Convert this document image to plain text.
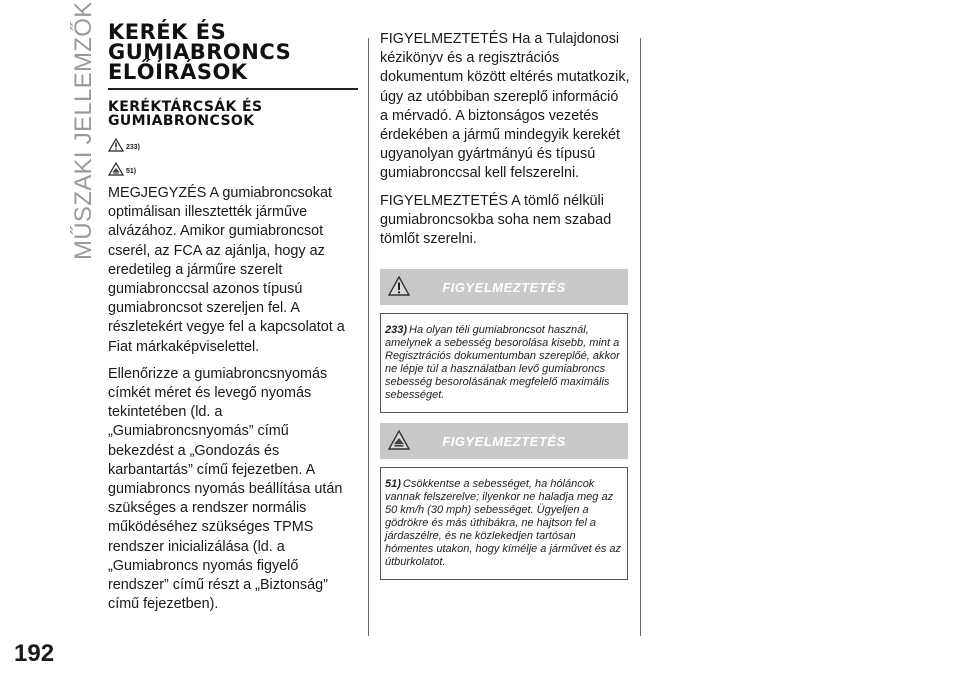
MŰSZAKI JELLEMZŐK KERÉK ÉS GUMIABRONCS ELŐÍRÁSOK
KERÉKTÁRCSÁK ÉS GUMIABRONCSOK
233)
51)

MEGJEGYZÉS A gumiabroncsokat optimálisan illesztették járműve alvázához. Amikor gumiabroncsot cserél, az FCA az ajánlja, hogy az eredetileg a járműre szerelt gumiabronccsal azonos típusú gumiabroncsot szereljen fel. A részletekért vegye fel a kapcsolatot a Fiat márkaképviselettel.

Ellenőrizze a gumiabroncsnyomás címkét méret és levegő nyomás tekintetében (ld. a „Gumiabroncsnyomás” című bekezdést a „Gondozás és karbantartás” című fejezetben. A gumiabroncs nyomás beállítása után szükséges a rendszer normális működéséhez szükséges TPMS rendszer inicializálása (ld. a „Gumiabroncs nyomás figyelő rendszer” című részt a „Biztonság” című fejezetben).

FIGYELMEZTETÉS Ha a Tulajdonosi kézikönyv és a regisztrációs dokumentum között eltérés mutatkozik, úgy az utóbbiban szereplő információ a mérvadó. A biztonságos vezetés érdekében a jármű mindegyik kerekét ugyanolyan gyártmányú és típusú gumiabronccsal kell felszerelni.

FIGYELMEZTETÉS A tömlő nélküli gumiabroncsokba soha nem szabad tömlőt szerelni.

FIGYELMEZTETÉS
233) Ha olyan téli gumiabroncsot használ, amelynek a sebesség besorolása kisebb, mint a Regisztrációs dokumentumban szereplőé, akkor ne lépje túl a használatban levő gumiabroncs sebesség besorolásának megfelelő maximális sebességet.
FIGYELMEZTETÉS
51) Csökkentse a sebességet, ha hóláncok vannak felszerelve; ilyenkor ne haladja meg az 50 km/h (30 mph) sebességet. Ügyeljen a gödrökre és más úthibákra, ne hajtson fel a járdaszélre, és ne közlekedjen tartósan hómentes utakon, hogy kímélje a járművet és az útburkolatot.
192
